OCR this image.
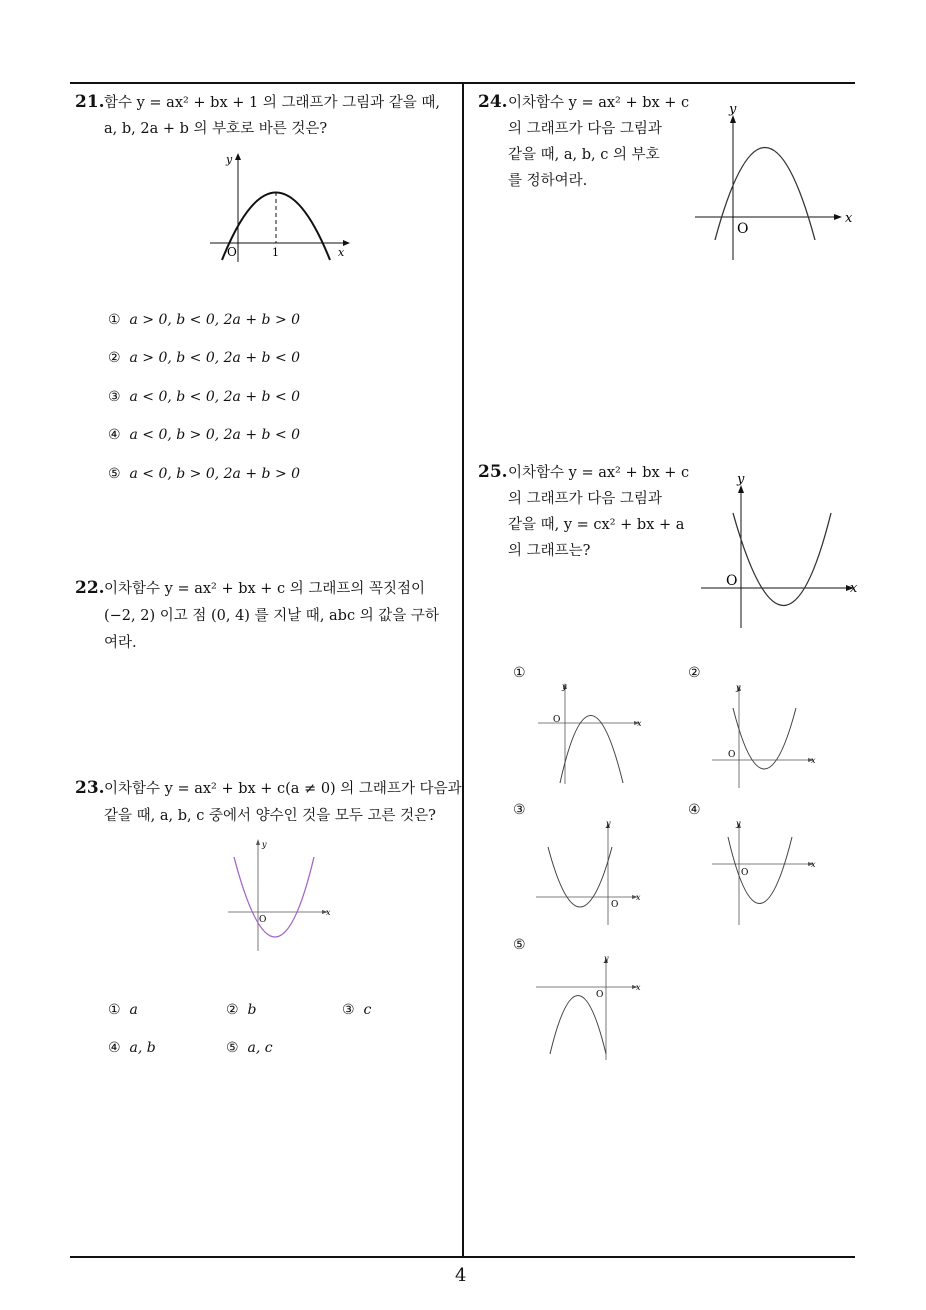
4
21. 함수 y = ax² + bx + 1 의 그래프가 그림과 같을 때,
a, b, 2a + b 의 부호로 바른 것은?
y
x
O	1
① a > 0, b < 0, 2a + b > 0
② a > 0, b < 0, 2a + b < 0
③ a < 0, b < 0, 2a + b < 0
④ a < 0, b > 0, 2a + b < 0
⑤ a < 0, b > 0, 2a + b > 0
22. 이차함수 y = ax² + bx + c 의 그래프의 꼭짓점이
(−2, 2) 이고 점 (0, 4) 를 지날 때, abc 의 값을 구하
여라.
23. 이차함수 y = ax² + bx + c(a ≠ 0) 의 그래프가 다음과
같을 때, a, b, c 중에서 양수인 것을 모두 고른 것은?
y
x
O
① a	② b	③ c
④ a, b	⑤ a, c
24. 이차함수 y = ax² + bx + c
의 그래프가 다음 그림과
같을 때, a, b, c 의 부호
를 정하여라.
y
x
O
25. 이차함수 y = ax² + bx + c
의 그래프가 다음 그림과
같을 때, y = cx² + bx + a
의 그래프는?
y
x
O
①
y
x
O
②
y
x
O
③
y
x
O
④
y
x
O
⑤
y
x
O
